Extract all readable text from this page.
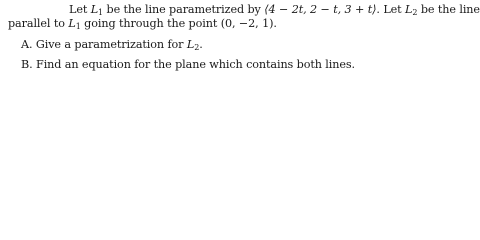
Let $L_1$ be the line parametrized by ⟨4 − 2t, 2 − t, 3 + t⟩. Let $L_2$ be the line
parallel to $L_1$ going through the point (0, −2, 1).
A. Give a parametrization for $L_2$.
B. Find an equation for the plane which contains both lines.
